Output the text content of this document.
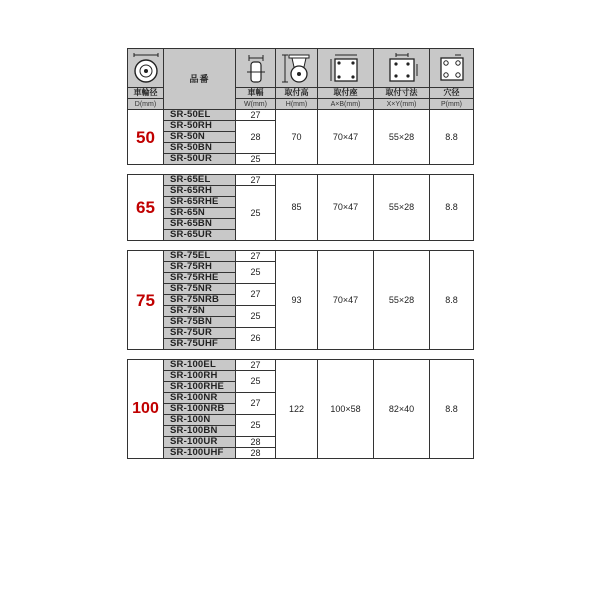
	品番	

車輪径		車幅	取付高	取付座	取付寸法	穴径
D(mm)		W(mm)	H(mm)	A×B(mm)	X×Y(mm)	P(mm)
50	SR-50EL	27	70	70×47	55×28	8.8
	SR-50RH	28				
	SR-50N					
	SR-50BN					
	SR-50UR	25				

65	SR-65EL	27	85	70×47	55×28	8.8
	SR-65RH	25				
	SR-65RHE					
	SR-65N					
	SR-65BN					
	SR-65UR					

75	SR-75EL	27	93	70×47	55×28	8.8
	SR-75RH	25				
	SR-75RHE					
	SR-75NR	27				
	SR-75NRB					
	SR-75N	25				
	SR-75BN					
	SR-75UR	26				
	SR-75UHF					

100	SR-100EL	27	122	100×58	82×40	8.8
	SR-100RH	25				
	SR-100RHE					
	SR-100NR	27				
	SR-100NRB					
	SR-100N	25				
	SR-100BN					
	SR-100UR	28				
	SR-100UHF	28				
